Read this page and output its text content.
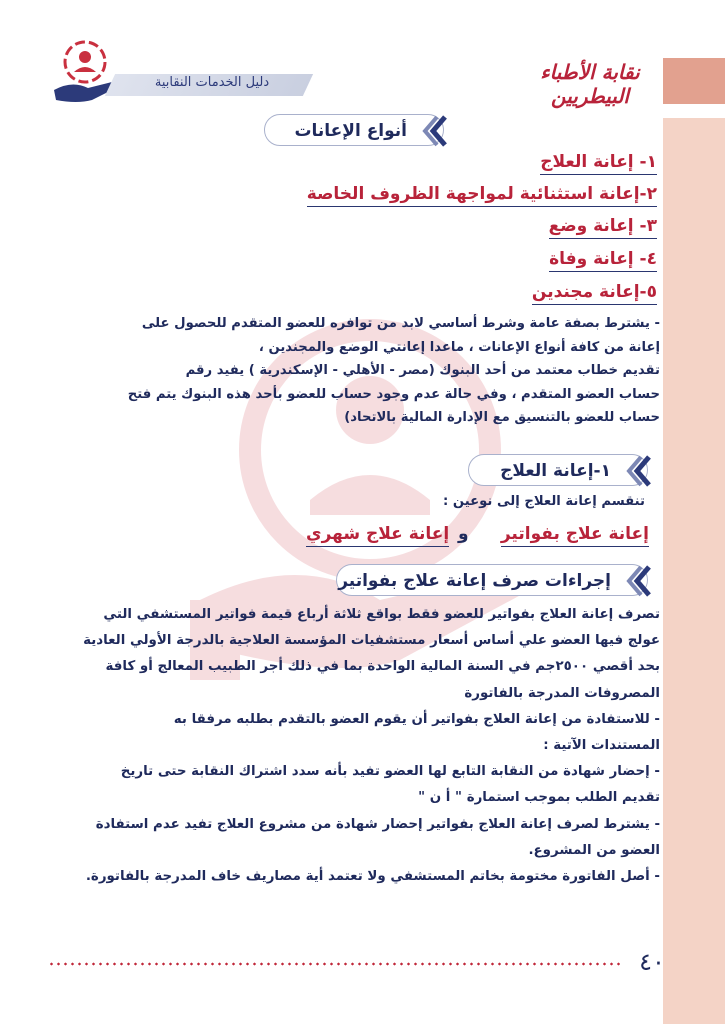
دليل الخدمات النقابية	نقابة الأطباء البيطريين
أنواع الإعانات
١- إعانة العلاج
٢-إعانة استثنائية لمواجهة الظروف الخاصة
٣- إعانة وضع
٤- إعانة وفاة
٥-إعانة مجندين
- يشترط بصفة عامة وشرط أساسي لابد من توافره للعضو المتقدم للحصول على
إعانة من كافة أنواع الإعانات ، ماعدا إعانتي الوضع والمجندين ،
تقديم خطاب معتمد من أحد البنوك (مصر - الأهلي - الإسكندرية ) يفيد رقم
حساب العضو المتقدم ، وفي حالة عدم وجود حساب للعضو بأحد هذه البنوك يتم فتح
حساب للعضو بالتنسيق مع الإدارة المالية بالاتحاد)
١-إعانة العلاج
تنقسم إعانة العلاج إلى نوعين :
إعانة علاج بفواتير
و
إعانة علاج شهري
إجراءات صرف إعانة علاج بفواتير
تصرف إعانة العلاج بفواتير للعضو فقط بواقع ثلاثة أرباع قيمة فواتير المستشفي التي
عولج فيها العضو علي أساس أسعار مستشفيات المؤسسة العلاجية بالدرجة الأولي العادية
بحد أقصي ٢٥٠٠جم في السنة المالية الواحدة بما في ذلك أجر الطبيب المعالج أو كافة
المصروفات المدرجة بالفاتورة
- للاستفادة من إعانة العلاج بفواتير أن يقوم العضو بالتقدم بطلبه مرفقا به
المستندات الآتية :
- إحضار شهادة من النقابة التابع لها العضو تفيد بأنه سدد اشتراك النقابة حتى تاريخ
تقديم الطلب بموجب استمارة " أ ن "
- يشترط لصرف إعانة العلاج بفواتير إحضار شهادة من مشروع العلاج تفيد عدم استفادة
العضو من المشروع.
- أصل الفاتورة مختومة بخاتم المستشفي ولا تعتمد أية مصاريف خاف المدرجة بالفاتورة.
٤٠
